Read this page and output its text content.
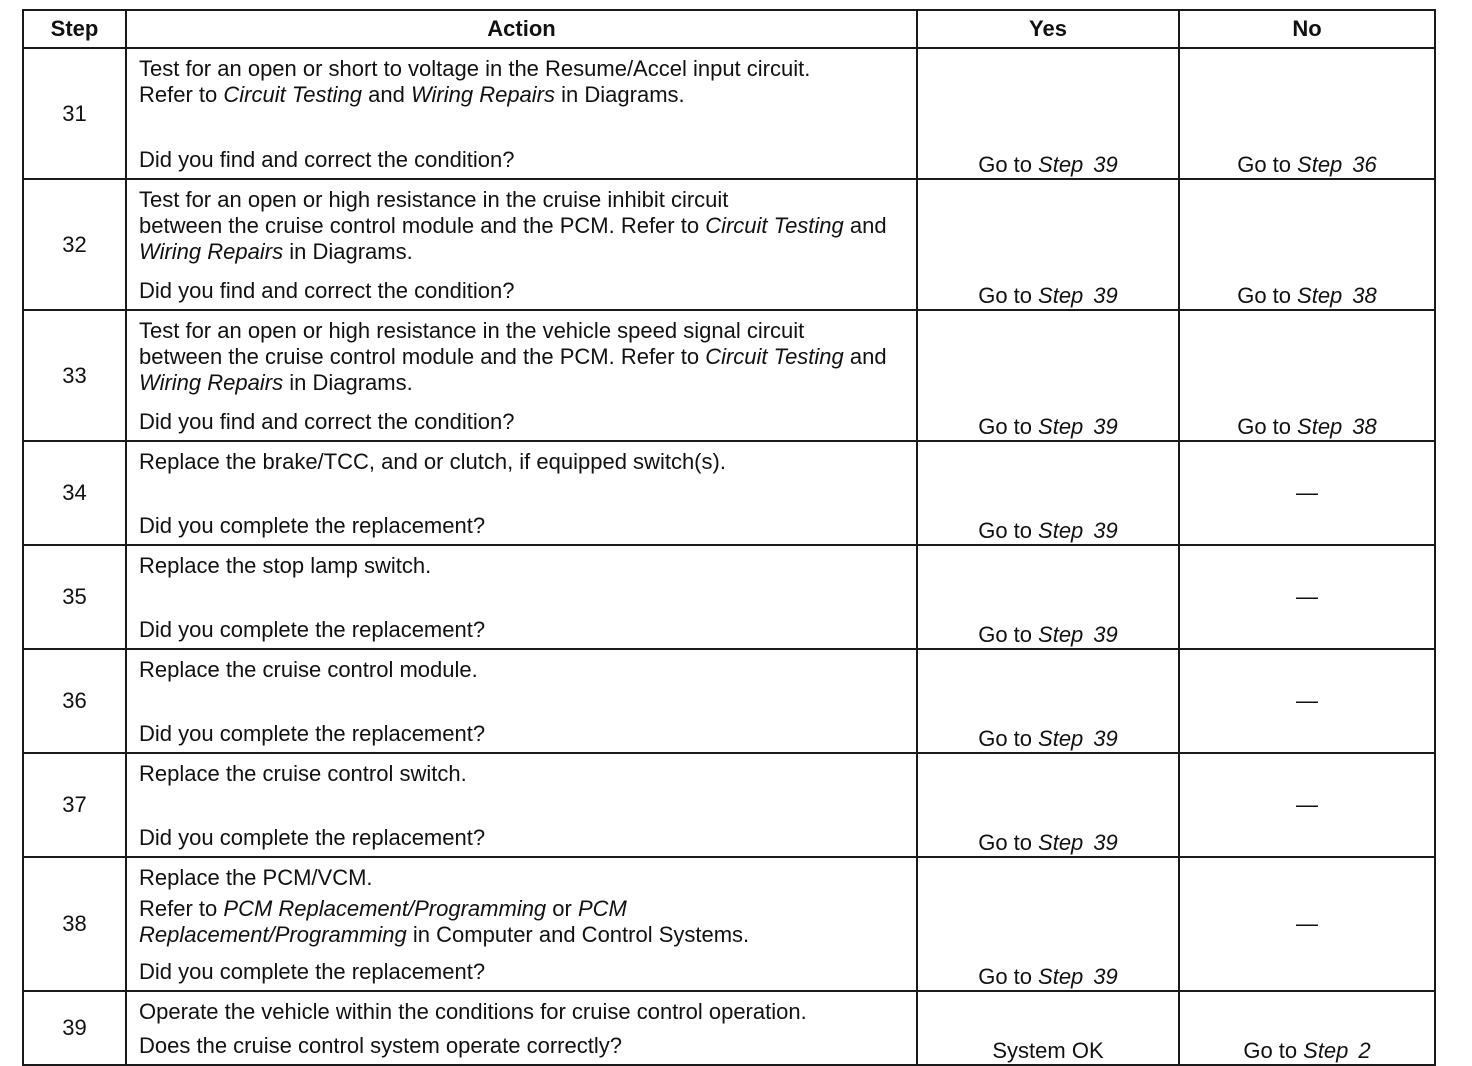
Step	Action	Yes	No
31	Test for an open or short to voltage in the Resume/Accel input circuit.
Refer to Circuit Testing and Wiring Repairs in Diagrams.
Did you find and correct the condition?	Go to Step 39	Go to Step 36
32	Test for an open or high resistance in the cruise inhibit circuit
between the cruise control module and the PCM. Refer to Circuit Testing and Wiring Repairs in Diagrams.
Did you find and correct the condition?	Go to Step 39	Go to Step 38
33	Test for an open or high resistance in the vehicle speed signal circuit
between the cruise control module and the PCM. Refer to Circuit Testing and Wiring Repairs in Diagrams.
Did you find and correct the condition?	Go to Step 39	Go to Step 38
34	Replace the brake/TCC, and or clutch, if equipped switch(s).
Did you complete the replacement?	Go to Step 39	—
35	Replace the stop lamp switch.
Did you complete the replacement?	Go to Step 39	—
36	Replace the cruise control module.
Did you complete the replacement?	Go to Step 39	—
37	Replace the cruise control switch.
Did you complete the replacement?	Go to Step 39	—
38	Replace the PCM/VCM.
Refer to PCM Replacement/Programming or PCM
Replacement/Programming in Computer and Control Systems.
Did you complete the replacement?	Go to Step 39	—
39	Operate the vehicle within the conditions for cruise control operation.
Does the cruise control system operate correctly?	System OK	Go to Step 2
